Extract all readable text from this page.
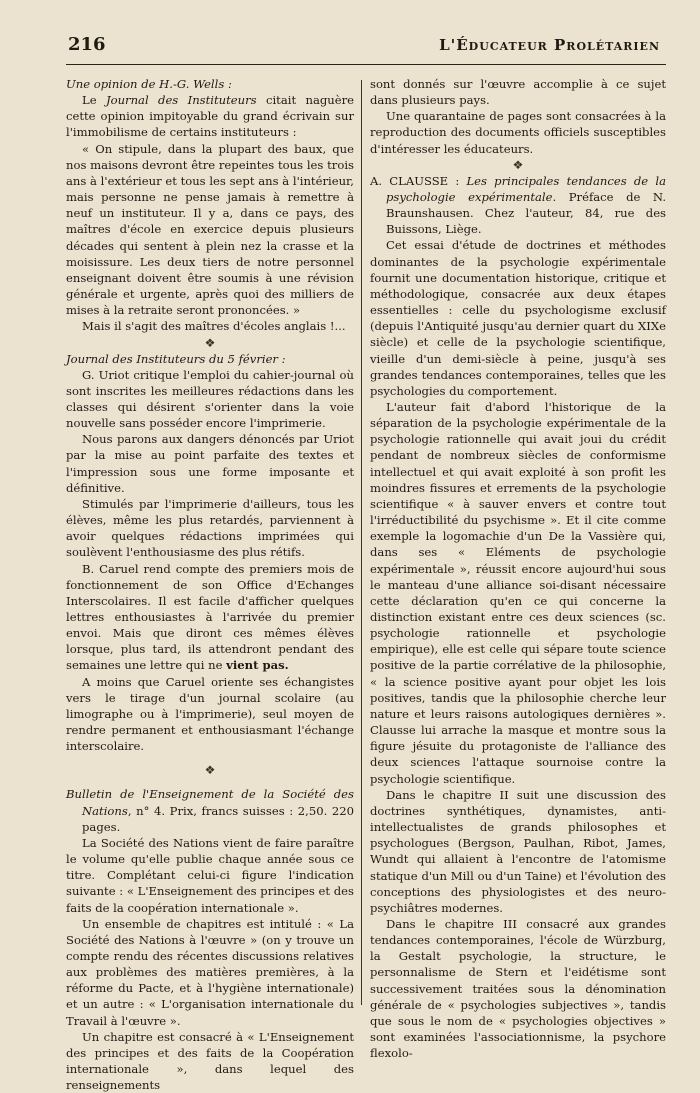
216	L'Éducateur Prolétarien

Une opinion de H.-G. Wells :

Le Journal des Instituteurs citait naguère cette opinion impitoyable du grand écrivain sur l'immobilisme de certains instituteurs :

« On stipule, dans la plupart des baux, que nos maisons devront être repeintes tous les trois ans à l'extérieur et tous les sept ans à l'intérieur, mais personne ne pense jamais à remettre à neuf un instituteur. Il y a, dans ce pays, des maîtres d'école en exercice depuis plusieurs décades qui sentent à plein nez la crasse et la moisissure. Les deux tiers de notre personnel enseignant doivent être soumis à une révision générale et urgente, après quoi des milliers de mises à la retraite seront prononcées. »

Mais il s'agit des maîtres d'écoles anglais !...

❖

Journal des Instituteurs du 5 février :

G. Uriot critique l'emploi du cahier-journal où sont inscrites les meilleures rédactions dans les classes qui désirent s'orienter dans la voie nouvelle sans posséder encore l'imprimerie.

Nous parons aux dangers dénoncés par Uriot par la mise au point parfaite des textes et l'impression sous une forme imposante et définitive.

Stimulés par l'imprimerie d'ailleurs, tous les élèves, même les plus retardés, parviennent à avoir quelques rédactions imprimées qui soulèvent l'enthousiasme des plus rétifs.

B. Caruel rend compte des premiers mois de fonctionnement de son Office d'Echanges Interscolaires. Il est facile d'afficher quelques lettres enthousiastes à l'arrivée du premier envoi. Mais que diront ces mêmes élèves lorsque, plus tard, ils attendront pendant des semaines une lettre qui ne vient pas.

A moins que Caruel oriente ses échangistes vers le tirage d'un journal scolaire (au limographe ou à l'imprimerie), seul moyen de rendre permanent et enthousiasmant l'échange interscolaire.

❖

Bulletin de l'Enseignement de la Société des Nations, n° 4. Prix, francs suisses : 2,50. 220 pages.

La Société des Nations vient de faire paraître le volume qu'elle publie chaque année sous ce titre. Complétant celui-ci figure l'indication suivante : « L'Enseignement des principes et des faits de la coopération internationale ».

Un ensemble de chapitres est intitulé : « La Société des Nations à l'œuvre » (on y trouve un compte rendu des récentes discussions relatives aux problèmes des matières premières, à la réforme du Pacte, et à l'hygiène internationale) et un autre : « L'organisation internationale du Travail à l'œuvre ».

Un chapitre est consacré à « L'Enseignement des principes et des faits de la Coopération internationale », dans lequel des renseignements

sont donnés sur l'œuvre accomplie à ce sujet dans plusieurs pays.

Une quarantaine de pages sont consacrées à la reproduction des documents officiels susceptibles d'intéresser les éducateurs.

❖

A. CLAUSSE : Les principales tendances de la psychologie expérimentale. Préface de N. Braunshausen. Chez l'auteur, 84, rue des Buissons, Liège.

Cet essai d'étude de doctrines et méthodes dominantes de la psychologie expérimentale fournit une documentation historique, critique et méthodologique, consacrée aux deux étapes essentielles : celle du psychologisme exclusif (depuis l'Antiquité jusqu'au dernier quart du XIXe siècle) et celle de la psychologie scientifique, vieille d'un demi-siècle à peine, jusqu'à ses grandes tendances contemporaines, telles que les psychologies du comportement.

L'auteur fait d'abord l'historique de la séparation de la psychologie expérimentale de la psychologie rationnelle qui avait joui du crédit pendant de nombreux siècles de conformisme intellectuel et qui avait exploité à son profit les moindres fissures et errements de la psychologie scientifique « à sauver envers et contre tout l'irréductibilité du psychisme ». Et il cite comme exemple la logomachie d'un De la Vassière qui, dans ses « Eléments de psychologie expérimentale », réussit encore aujourd'hui sous le manteau d'une alliance soi-disant nécessaire cette déclaration qu'en ce qui concerne la distinction existant entre ces deux sciences (sc. psychologie rationnelle et psychologie empirique), elle est celle qui sépare toute science positive de la partie corrélative de la philosophie, « la science positive ayant pour objet les lois positives, tandis que la philosophie cherche leur nature et leurs raisons autologiques dernières ». Clausse lui arrache la masque et montre sous la figure jésuite du protagoniste de l'alliance des deux sciences l'attaque sournoise contre la psychologie scientifique.

Dans le chapitre II suit une discussion des doctrines synthétiques, dynamistes, anti-intellectualistes de grands philosophes et psychologues (Bergson, Paulhan, Ribot, James, Wundt qui allaient à l'encontre de l'atomisme statique d'un Mill ou d'un Taine) et l'évolution des conceptions des physiologistes et des neuro-psychiâtres modernes.

Dans le chapitre III consacré aux grandes tendances contemporaines, l'école de Würzburg, la Gestalt psychologie, la structure, le personnalisme de Stern et l'eidétisme sont successivement traitées sous la dénomination générale de « psychologies subjectives », tandis que sous le nom de « psychologies objectives » sont examinées l'associationnisme, la psychore flexolo-
